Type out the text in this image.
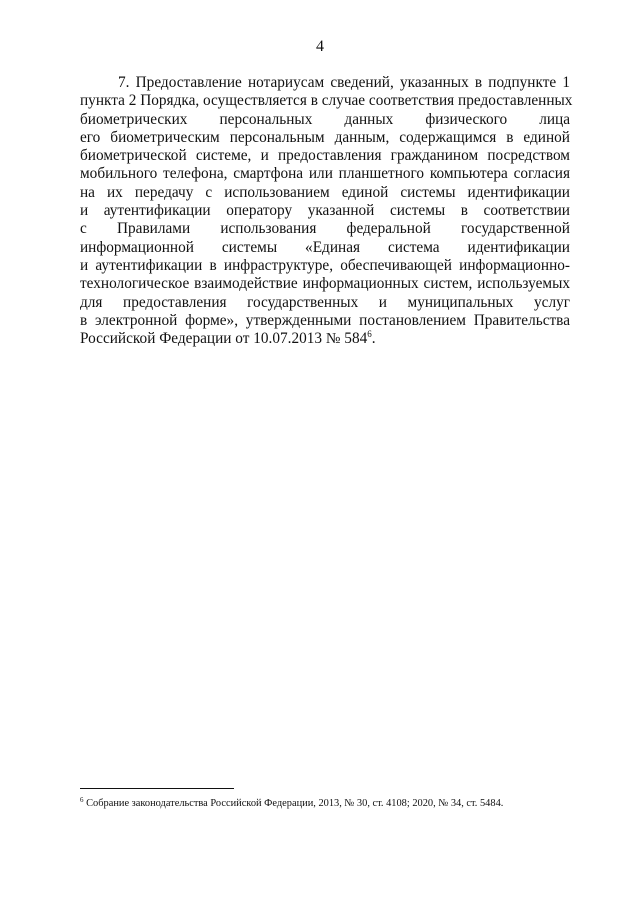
4
7. Предоставление нотариусам сведений, указанных в подпункте 1
пункта 2 Порядка, осуществляется в случае соответствия предоставленных
биометрических персональных данных физического лица
его биометрическим персональным данным, содержащимся в единой
биометрической системе, и предоставления гражданином посредством
мобильного телефона, смартфона или планшетного компьютера согласия
на их передачу с использованием единой системы идентификации
и аутентификации оператору указанной системы в соответствии
с Правилами использования федеральной государственной
информационной системы «Единая система идентификации
и аутентификации в инфраструктуре, обеспечивающей информационно-
технологическое взаимодействие информационных систем, используемых
для предоставления государственных и муниципальных услуг
в электронной форме», утвержденными постановлением Правительства
Российской Федерации от 10.07.2013 № $584^6$.
$^6$ Собрание законодательства Российской Федерации, 2013, № 30, ст. 4108; 2020, № 34, ст. 5484.
